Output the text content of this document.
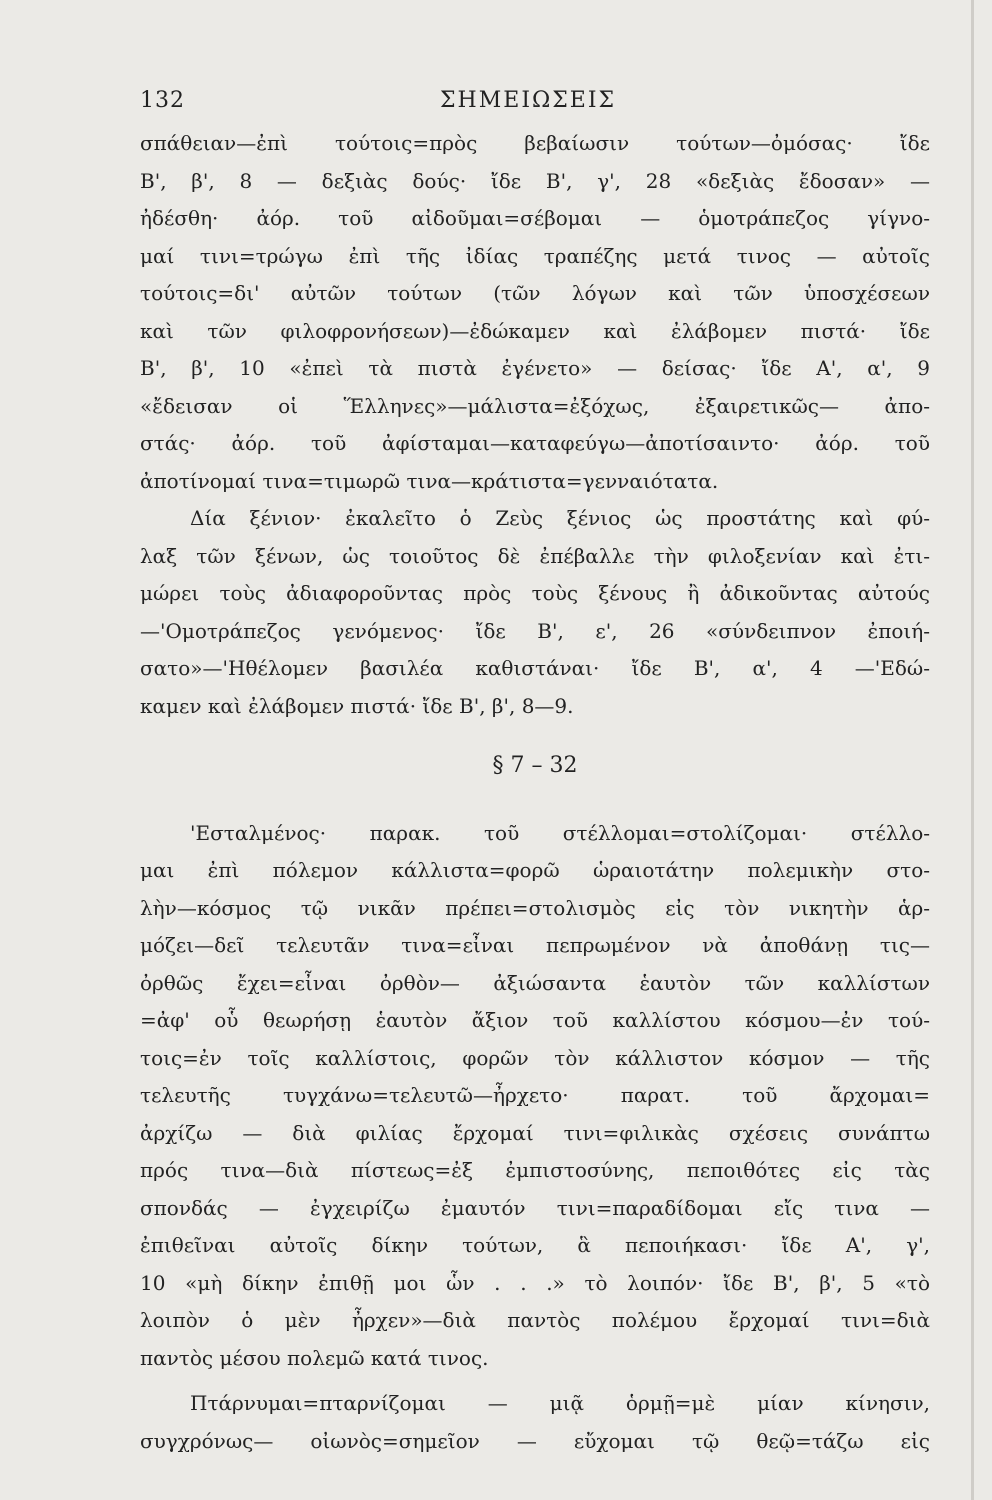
132	ΣΗΜΕΙΩΣΕΙΣ
σπάθειαν—ἐπὶ τούτοις=πρὸς βεβαίωσιν τούτων—ὀμόσας· ἴδε
Β', β', 8 — δεξιὰς δούς· ἴδε Β', γ', 28 «δεξιὰς ἔδοσαν» —
ἠδέσθη· ἀόρ. τοῦ αἰδοῦμαι=σέβομαι — ὁμοτράπεζος γίγνο-
μαί τινι=τρώγω ἐπὶ τῆς ἰδίας τραπέζης μετά τινος — αὐτοῖς
τούτοις=δι' αὐτῶν τούτων (τῶν λόγων καὶ τῶν ὑποσχέσεων
καὶ τῶν φιλοφρονήσεων)—ἐδώκαμεν καὶ ἐλάβομεν πιστά· ἴδε
Β', β', 10 «ἐπεὶ τὰ πιστὰ ἐγένετο» — δείσας· ἴδε Α', α', 9
«ἔδεισαν οἱ Ἕλληνες»—μάλιστα=ἐξόχως, ἐξαιρετικῶς— ἀπο-
στάς· ἀόρ. τοῦ ἀφίσταμαι—καταφεύγω—ἀποτίσαιντο· ἀόρ. τοῦ
ἀποτίνομαί τινα=τιμωρῶ τινα—κράτιστα=γενναιότατα.
Δία ξένιον· ἐκαλεῖτο ὁ Ζεὺς ξένιος ὡς προστάτης καὶ φύ-
λαξ τῶν ξένων, ὡς τοιοῦτος δὲ ἐπέβαλλε τὴν φιλοξενίαν καὶ ἐτι-
μώρει τοὺς ἀδιαφοροῦντας πρὸς τοὺς ξένους ἢ ἀδικοῦντας αὐτούς
—'Ομοτράπεζος γενόμενος· ἴδε Β', ε', 26 «σύνδειπνον ἐποιή-
σατο»—'Ηθέλομεν βασιλέα καθιστάναι· ἴδε Β', α', 4 —'Εδώ-
καμεν καὶ ἐλάβομεν πιστά· ἴδε Β', β', 8—9.
§ 7 – 32
'Εσταλμένος· παρακ. τοῦ στέλλομαι=στολίζομαι· στέλλο-
μαι ἐπὶ πόλεμον κάλλιστα=φορῶ ὡραιοτάτην πολεμικὴν στο-
λὴν—κόσμος τῷ νικᾶν πρέπει=στολισμὸς εἰς τὸν νικητὴν ἁρ-
μόζει—δεῖ τελευτᾶν τινα=εἶναι πεπρωμένον νὰ ἀποθάνῃ τις—
ὀρθῶς ἔχει=εἶναι ὀρθὸν— ἀξιώσαντα ἑαυτὸν τῶν καλλίστων
=ἀφ' οὗ θεωρήσῃ ἑαυτὸν ἄξιον τοῦ καλλίστου κόσμου—ἐν τού-
τοις=ἐν τοῖς καλλίστοις, φορῶν τὸν κάλλιστον κόσμον — τῆς
τελευτῆς τυγχάνω=τελευτῶ—ἦρχετο· παρατ. τοῦ ἄρχομαι=
ἀρχίζω — διὰ φιλίας ἔρχομαί τινι=φιλικὰς σχέσεις συνάπτω
πρός τινα—διὰ πίστεως=ἐξ ἐμπιστοσύνης, πεποιθότες εἰς τὰς
σπονδάς — ἐγχειρίζω ἐμαυτόν τινι=παραδίδομαι εἴς τινα —
ἐπιθεῖναι αὐτοῖς δίκην τούτων, ἃ πεποιήκασι· ἴδε Α', γ',
10 «μὴ δίκην ἐπιθῇ μοι ὧν . . .» τὸ λοιπόν· ἴδε Β', β', 5 «τὸ
λοιπὸν ὁ μὲν ἦρχεν»—διὰ παντὸς πολέμου ἔρχομαί τινι=διὰ
παντὸς μέσου πολεμῶ κατά τινος.
Πτάρνυμαι=πταρνίζομαι — μιᾷ ὁρμῇ=μὲ μίαν κίνησιν,
συγχρόνως— οἰωνὸς=σημεῖον — εὔχομαι τῷ θεῷ=τάζω εἰς
